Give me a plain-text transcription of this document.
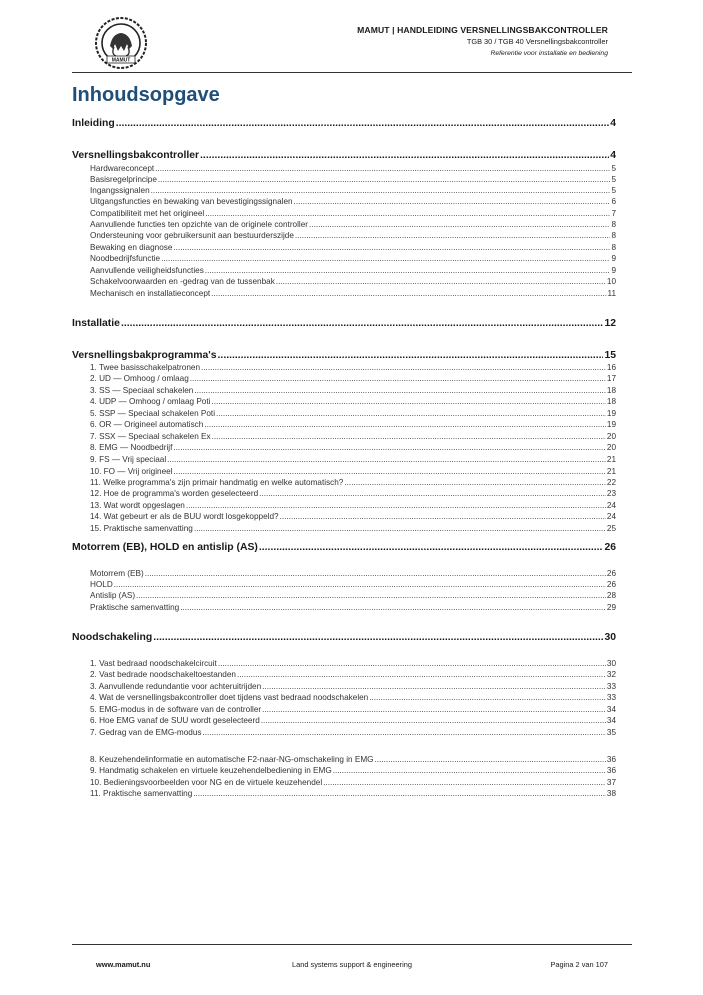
MAMUT
MAMUT | HANDLEIDING VERSNELLINGSBAKCONTROLLER
TGB 30 / TGB 40 Versnellingsbakcontroller
Referentie voor installatie en bediening
Inhoudsopgave
Inleiding .....	4
Versnellingsbakcontroller .....	4
Hardwareconcept .....	5
Basisregelprincipe .....	5
Ingangssignalen .....	5
Uitgangsfuncties en bewaking van bevestigingssignalen .....	6
Compatibiliteit met het origineel .....	7
Aanvullende functies ten opzichte van de originele controller .....	8
Ondersteuning voor gebruikersunit aan bestuurderszijde .....	8
Bewaking en diagnose .....	8
Noodbedrijfsfunctie .....	9
Aanvullende veiligheidsfuncties .....	9
Schakelvoorwaarden en -gedrag van de tussenbak .....	10
Mechanisch en installatieconcept .....	11
Installatie .....	12
Versnellingsbakprogramma's .....	15
1. Twee basisschakelpatronen .....	16
2. UD — Omhoog / omlaag .....	17
3. SS — Speciaal schakelen .....	18
4. UDP — Omhoog / omlaag Poti .....	18
5. SSP — Speciaal schakelen Poti .....	19
6. OR — Origineel automatisch .....	19
7. SSX — Speciaal schakelen Ex .....	20
8. EMG — Noodbedrijf .....	20
9. FS — Vrij speciaal .....	21
10. FO — Vrij origineel .....	21
11. Welke programma's zijn primair handmatig en welke automatisch? .....	22
12. Hoe de programma's worden geselecteerd .....	23
13. Wat wordt opgeslagen .....	24
14. Wat gebeurt er als de BUU wordt losgekoppeld? .....	24
15. Praktische samenvatting .....	25
Motorrem (EB), HOLD en antislip (AS) .....	26
Motorrem (EB) .....	26
HOLD .....	26
Antislip (AS) .....	28
Praktische samenvatting .....	29
Noodschakeling .....	30
1. Vast bedraad noodschakelcircuit .....	30
2. Vast bedrade noodschakeltoestanden .....	32
3. Aanvullende redundantie voor achteruitrijden .....	33
4. Wat de versnellingsbakcontroller doet tijdens vast bedraad noodschakelen .....	33
5. EMG-modus in de software van de controller .....	34
6. Hoe EMG vanaf de SUU wordt geselecteerd .....	34
7. Gedrag van de EMG-modus .....	35
8. Keuzehendelinformatie en automatische F2-naar-NG-omschakeling in EMG .....	36
9. Handmatig schakelen en virtuele keuzehendelbediening in EMG .....	36
10. Bedieningsvoorbeelden voor NG en de virtuele keuzehendel .....	37
11. Praktische samenvatting .....	38
www.mamut.nu	Land systems support & engineering	Pagina 2 van 107
